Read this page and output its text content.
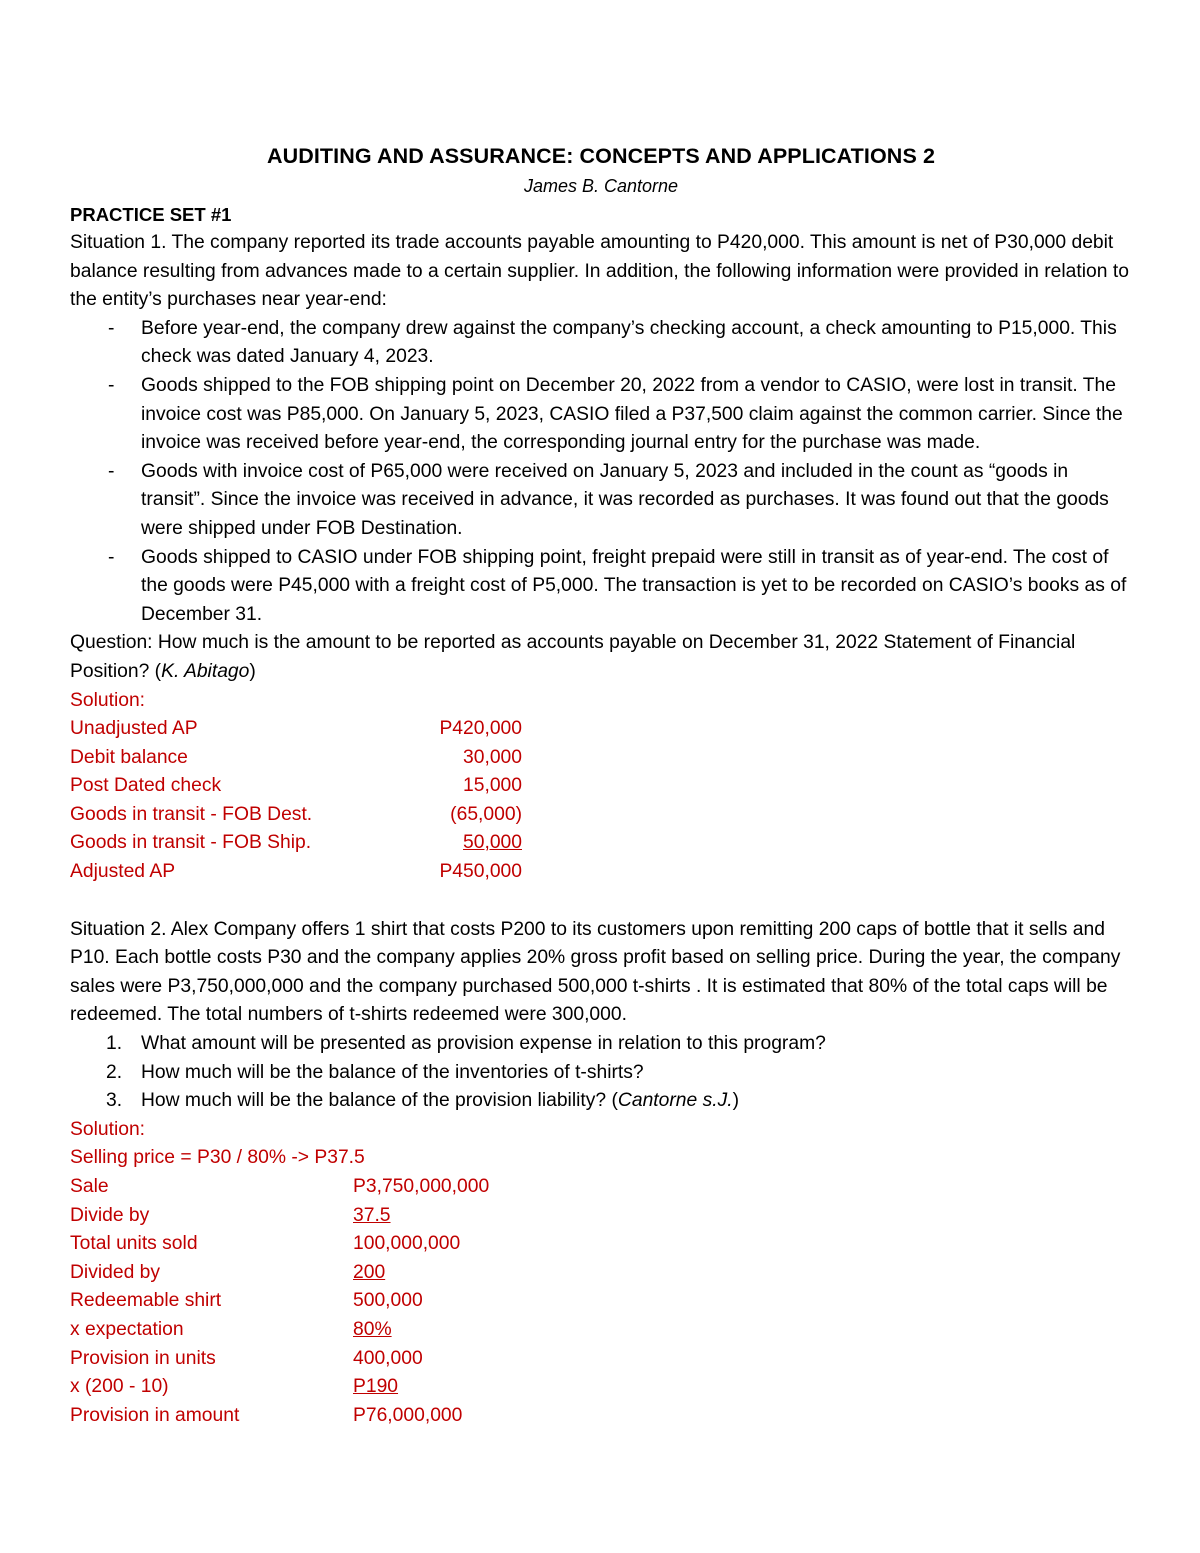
AUDITING AND ASSURANCE: CONCEPTS AND APPLICATIONS 2
James B. Cantorne
PRACTICE SET #1

Situation 1. The company reported its trade accounts payable amounting to P420,000. This amount is net of P30,000 debit balance resulting from advances made to a certain supplier. In addition, the following information were provided in relation to the entity’s purchases near year-end:

- Before year-end, the company drew against the company’s checking account, a check amounting to P15,000. This check was dated January 4, 2023.
- Goods shipped to the FOB shipping point on December 20, 2022 from a vendor to CASIO, were lost in transit. The invoice cost was P85,000. On January 5, 2023, CASIO filed a P37,500 claim against the common carrier. Since the invoice was received before year-end, the corresponding journal entry for the purchase was made.
- Goods with invoice cost of P65,000 were received on January 5, 2023 and included in the count as “goods in transit”. Since the invoice was received in advance, it was recorded as purchases. It was found out that the goods were shipped under FOB Destination.
- Goods shipped to CASIO under FOB shipping point, freight prepaid were still in transit as of year-end. The cost of the goods were P45,000 with a freight cost of P5,000. The transaction is yet to be recorded on CASIO’s books as of December 31.

Question: How much is the amount to be reported as accounts payable on December 31, 2022 Statement of Financial Position? (K. Abitago)

Solution:
Unadjusted AP	P420,000
Debit balance	30,000
Post Dated check	15,000
Goods in transit - FOB Dest.	(65,000)
Goods in transit - FOB Ship.	50,000
Adjusted AP	P450,000

Situation 2. Alex Company offers 1 shirt that costs P200 to its customers upon remitting 200 caps of bottle that it sells and P10. Each bottle costs P30 and the company applies 20% gross profit based on selling price. During the year, the company sales were P3,750,000,000 and the company purchased 500,000 t-shirts . It is estimated that 80% of the total caps will be redeemed. The total numbers of t-shirts redeemed were 300,000.

1. What amount will be presented as provision expense in relation to this program?
2. How much will be the balance of the inventories of t-shirts?
3. How much will be the balance of the provision liability? (Cantorne s.J.)
Solution:
Selling price = P30 / 80% -> P37.5
Sale	P3,750,000,000
Divide by	37.5
Total units sold	100,000,000
Divided by	200
Redeemable shirt	500,000
x expectation	80%
Provision in units	400,000
x (200 - 10)	P190
Provision in amount	P76,000,000
